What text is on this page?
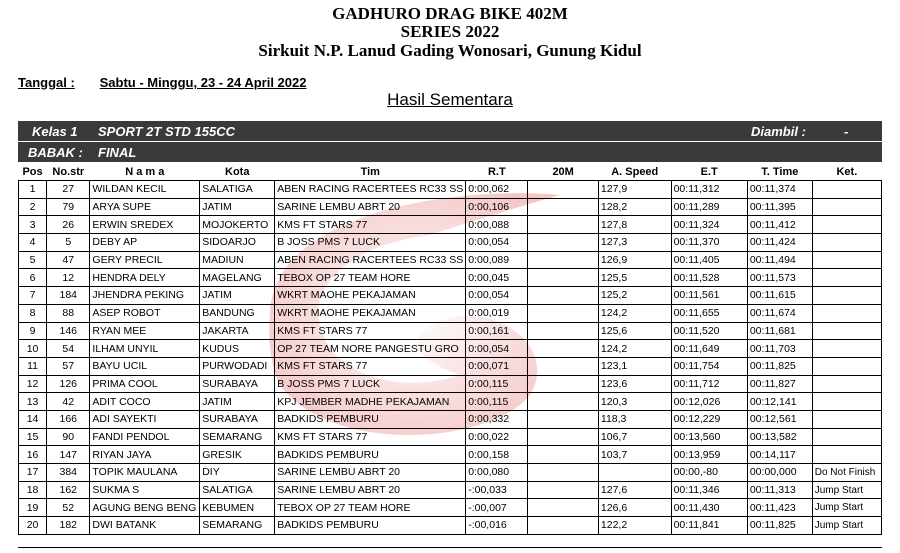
GADHURO DRAG BIKE 402M
SERIES 2022
Sirkuit N.P. Lanud Gading Wonosari, Gunung Kidul
Tanggal : Sabtu - Minggu, 23 - 24 April 2022
Hasil Sementara
Kelas 1 SPORT 2T STD 155CC	Diambil :	-
BABAK : FINAL
Pos	No.str	N a m a	Kota	Tim	R.T	20M	A. Speed	E.T	T. Time	Ket.
1	27	WILDAN KECIL	SALATIGA	ABEN RACING RACERTEES RC33 SS	0:00,062		127,9	00:11,312	00:11,374	
2	79	ARYA SUPE	JATIM	SARINE LEMBU ABRT 20	0:00,106		128,2	00:11,289	00:11,395	
3	26	ERWIN SREDEX	MOJOKERTO	KMS FT STARS 77	0:00,088		127,8	00:11,324	00:11,412	
4	5	DEBY AP	SIDOARJO	B JOSS PMS 7 LUCK	0:00,054		127,3	00:11,370	00:11,424	
5	47	GERY PRECIL	MADIUN	ABEN RACING RACERTEES RC33 SS	0:00,089		126,9	00:11,405	00:11,494	
6	12	HENDRA DELY	MAGELANG	TEBOX OP 27 TEAM HORE	0:00,045		125,5	00:11,528	00:11,573	
7	184	JHENDRA PEKING	JATIM	WKRT MAOHE PEKAJAMAN	0:00,054		125,2	00:11,561	00:11,615	
8	88	ASEP ROBOT	BANDUNG	WKRT MAOHE PEKAJAMAN	0:00,019		124,2	00:11,655	00:11,674	
9	146	RYAN MEE	JAKARTA	KMS FT STARS 77	0:00,161		125,6	00:11,520	00:11,681	
10	54	ILHAM UNYIL	KUDUS	OP 27 TEAM NORE PANGESTU GRO	0:00,054		124,2	00:11,649	00:11,703	
11	57	BAYU UCIL	PURWODADI	KMS FT STARS 77	0:00,071		123,1	00:11,754	00:11,825	
12	126	PRIMA COOL	SURABAYA	B JOSS PMS 7 LUCK	0:00,115		123,6	00:11,712	00:11,827	
13	42	ADIT COCO	JATIM	KPJ JEMBER MADHE PEKAJAMAN	0:00,115		120,3	00:12,026	00:12,141	
14	166	ADI SAYEKTI	SURABAYA	BADKIDS PEMBURU	0:00,332		118,3	00:12,229	00:12,561	
15	90	FANDI PENDOL	SEMARANG	KMS FT STARS 77	0:00,022		106,7	00:13,560	00:13,582	
16	147	RIYAN JAYA	GRESIK	BADKIDS PEMBURU	0:00,158		103,7	00:13,959	00:14,117	
17	384	TOPIK MAULANA	DIY	SARINE LEMBU ABRT 20	0:00,080			00:00,-80	00:00,000	Do Not Finish
18	162	SUKMA S	SALATIGA	SARINE LEMBU ABRT 20	-:00,033		127,6	00:11,346	00:11,313	Jump Start
19	52	AGUNG BENG BENG	KEBUMEN	TEBOX OP 27 TEAM HORE	-:00,007		126,6	00:11,430	00:11,423	Jump Start
20	182	DWI BATANK	SEMARANG	BADKIDS PEMBURU	-:00,016		122,2	00:11,841	00:11,825	Jump Start
